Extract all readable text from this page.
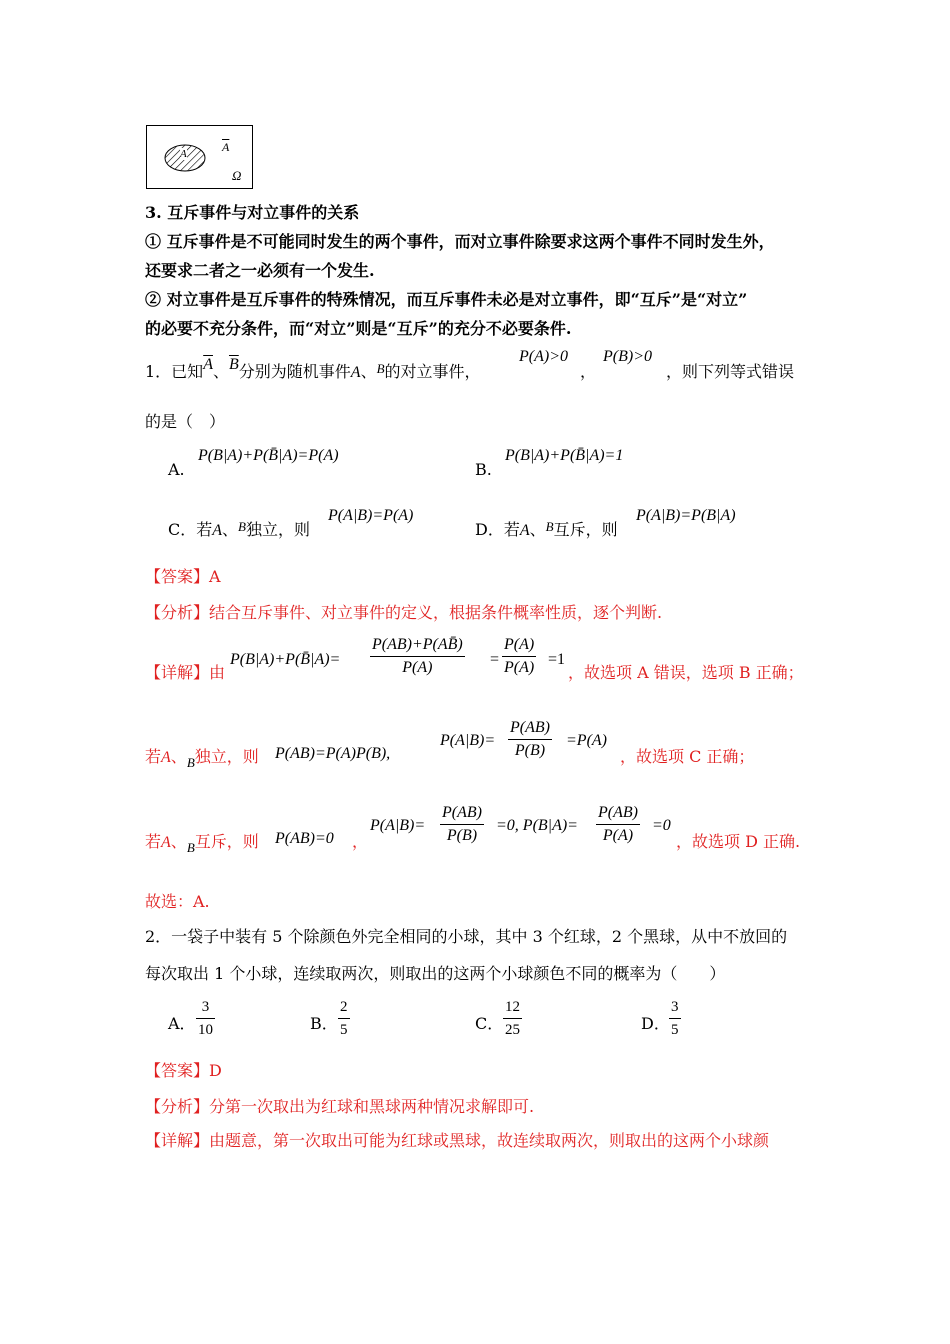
A	$\overline{A}$
Ω
3. 互斥事件与对立事件的关系
① 互斥事件是不可能同时发生的两个事件，而对立事件除要求这两个事件不同时发生外，
还要求二者之一必须有一个发生.
② 对立事件是互斥事件的特殊情况，而互斥事件未必是对立事件，即“互斥”是“对立”
的必要不充分条件，而“对立”则是“互斥”的充分不必要条件.
1．已知$\overline{A}$、$\overline{B}$分别为随机事件A、$^B$的对立事件，
P(A)>0
，
P(B)>0
，则下列等式错误
的是（　）
A.
P(B|A)+P(B̄|A)=P(A)
B.
P(B|A)+P(B̄|A)=1
C．若A、$^B$独立，则
P(A|B)=P(A)
D．若A、$^B$互斥，则
P(A|B)=P(B|A)
【答案】A
【分析】结合互斥事件、对立事件的定义，根据条件概率性质，逐个判断.
【详解】由
P(B|A)+P(B̄|A)= $\frac{P(AB)+P(AB̄)}{P(A)} = \frac{P(A)}{P(A)} =1$
，故选项 A 错误，选项 B 正确；
若A、$_B$独立，则 P(AB)=P(A)P(B),
$P(A|B)= \frac{P(AB)}{P(B)} =P(A)$
，故选项 C 正确；
若A、$_B$互斥，则 P(AB)=0 ，
$P(A|B)= \frac{P(AB)}{P(B)} =0$, $P(B|A)= \frac{P(AB)}{P(A)} =0$
，故选项 D 正确.
故选：A.
2．一袋子中装有 5 个除颜色外完全相同的小球，其中 3 个红球，2 个黑球，从中不放回的
每次取出 1 个小球，连续取两次，则取出的这两个小球颜色不同的概率为（　　）
A． $\frac{3}{10}$	B． $\frac{2}{5}$	C． $\frac{12}{25}$	D． $\frac{3}{5}$
【答案】D
【分析】分第一次取出为红球和黑球两种情况求解即可.
【详解】由题意，第一次取出可能为红球或黑球，故连续取两次，则取出的这两个小球颜
